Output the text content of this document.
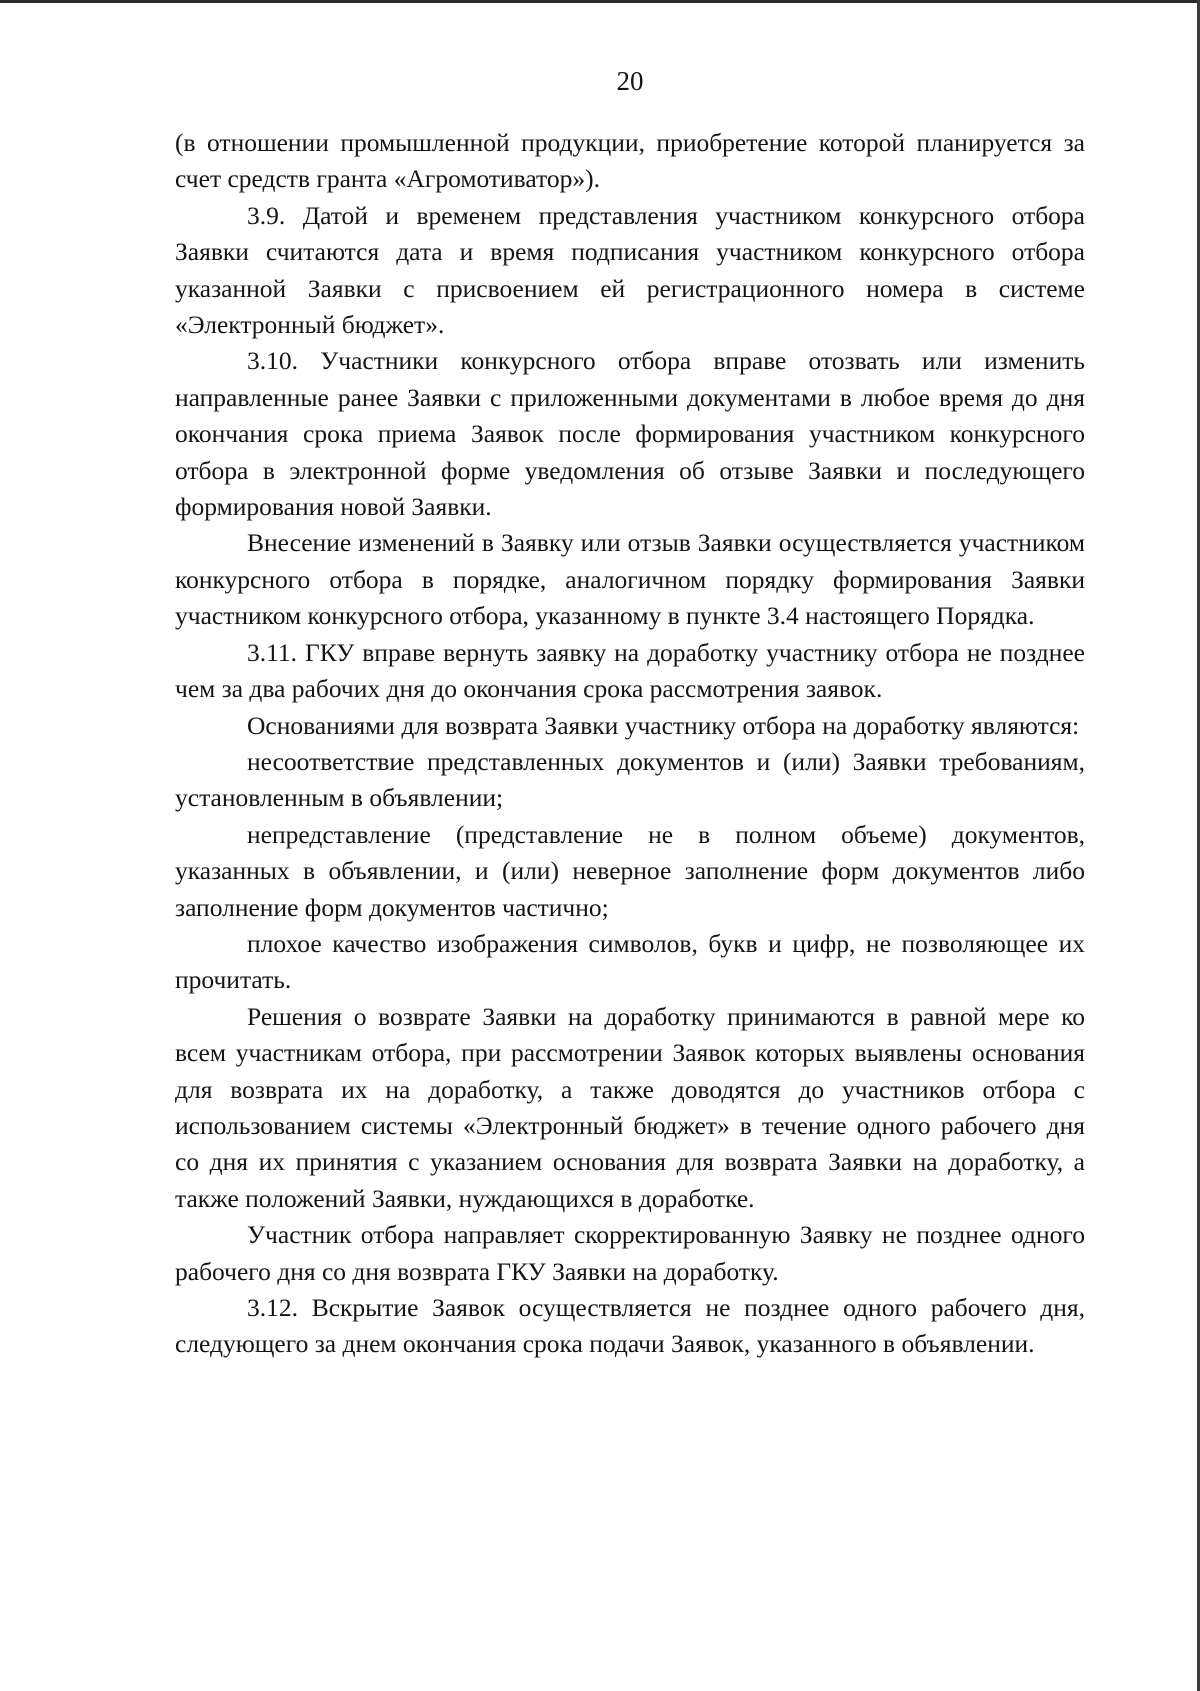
20

(в отношении промышленной продукции, приобретение которой планируется за счет средств гранта «Агромотиватор»).

3.9. Датой и временем представления участником конкурсного отбора Заявки считаются дата и время подписания участником конкурсного отбора указанной Заявки с присвоением ей регистрационного номера в системе «Электронный бюджет».

3.10. Участники конкурсного отбора вправе отозвать или изменить направленные ранее Заявки с приложенными документами в любое время до дня окончания срока приема Заявок после формирования участником конкурсного отбора в электронной форме уведомления об отзыве Заявки и последующего формирования новой Заявки.

Внесение изменений в Заявку или отзыв Заявки осуществляется участником конкурсного отбора в порядке, аналогичном порядку формирования Заявки участником конкурсного отбора, указанному в пункте 3.4 настоящего Порядка.

3.11. ГКУ вправе вернуть заявку на доработку участнику отбора не позднее чем за два рабочих дня до окончания срока рассмотрения заявок.

Основаниями для возврата Заявки участнику отбора на доработку являются:

несоответствие представленных документов и (или) Заявки требованиям, установленным в объявлении;

непредставление (представление не в полном объеме) документов, указанных в объявлении, и (или) неверное заполнение форм документов либо заполнение форм документов частично;

плохое качество изображения символов, букв и цифр, не позволяющее их прочитать.

Решения о возврате Заявки на доработку принимаются в равной мере ко всем участникам отбора, при рассмотрении Заявок которых выявлены основания для возврата их на доработку, а также доводятся до участников отбора с использованием системы «Электронный бюджет» в течение одного рабочего дня со дня их принятия с указанием основания для возврата Заявки на доработку, а также положений Заявки, нуждающихся в доработке.

Участник отбора направляет скорректированную Заявку не позднее одного рабочего дня со дня возврата ГКУ Заявки на доработку.

3.12. Вскрытие Заявок осуществляется не позднее одного рабочего дня, следующего за днем окончания срока подачи Заявок, указанного в объявлении.
